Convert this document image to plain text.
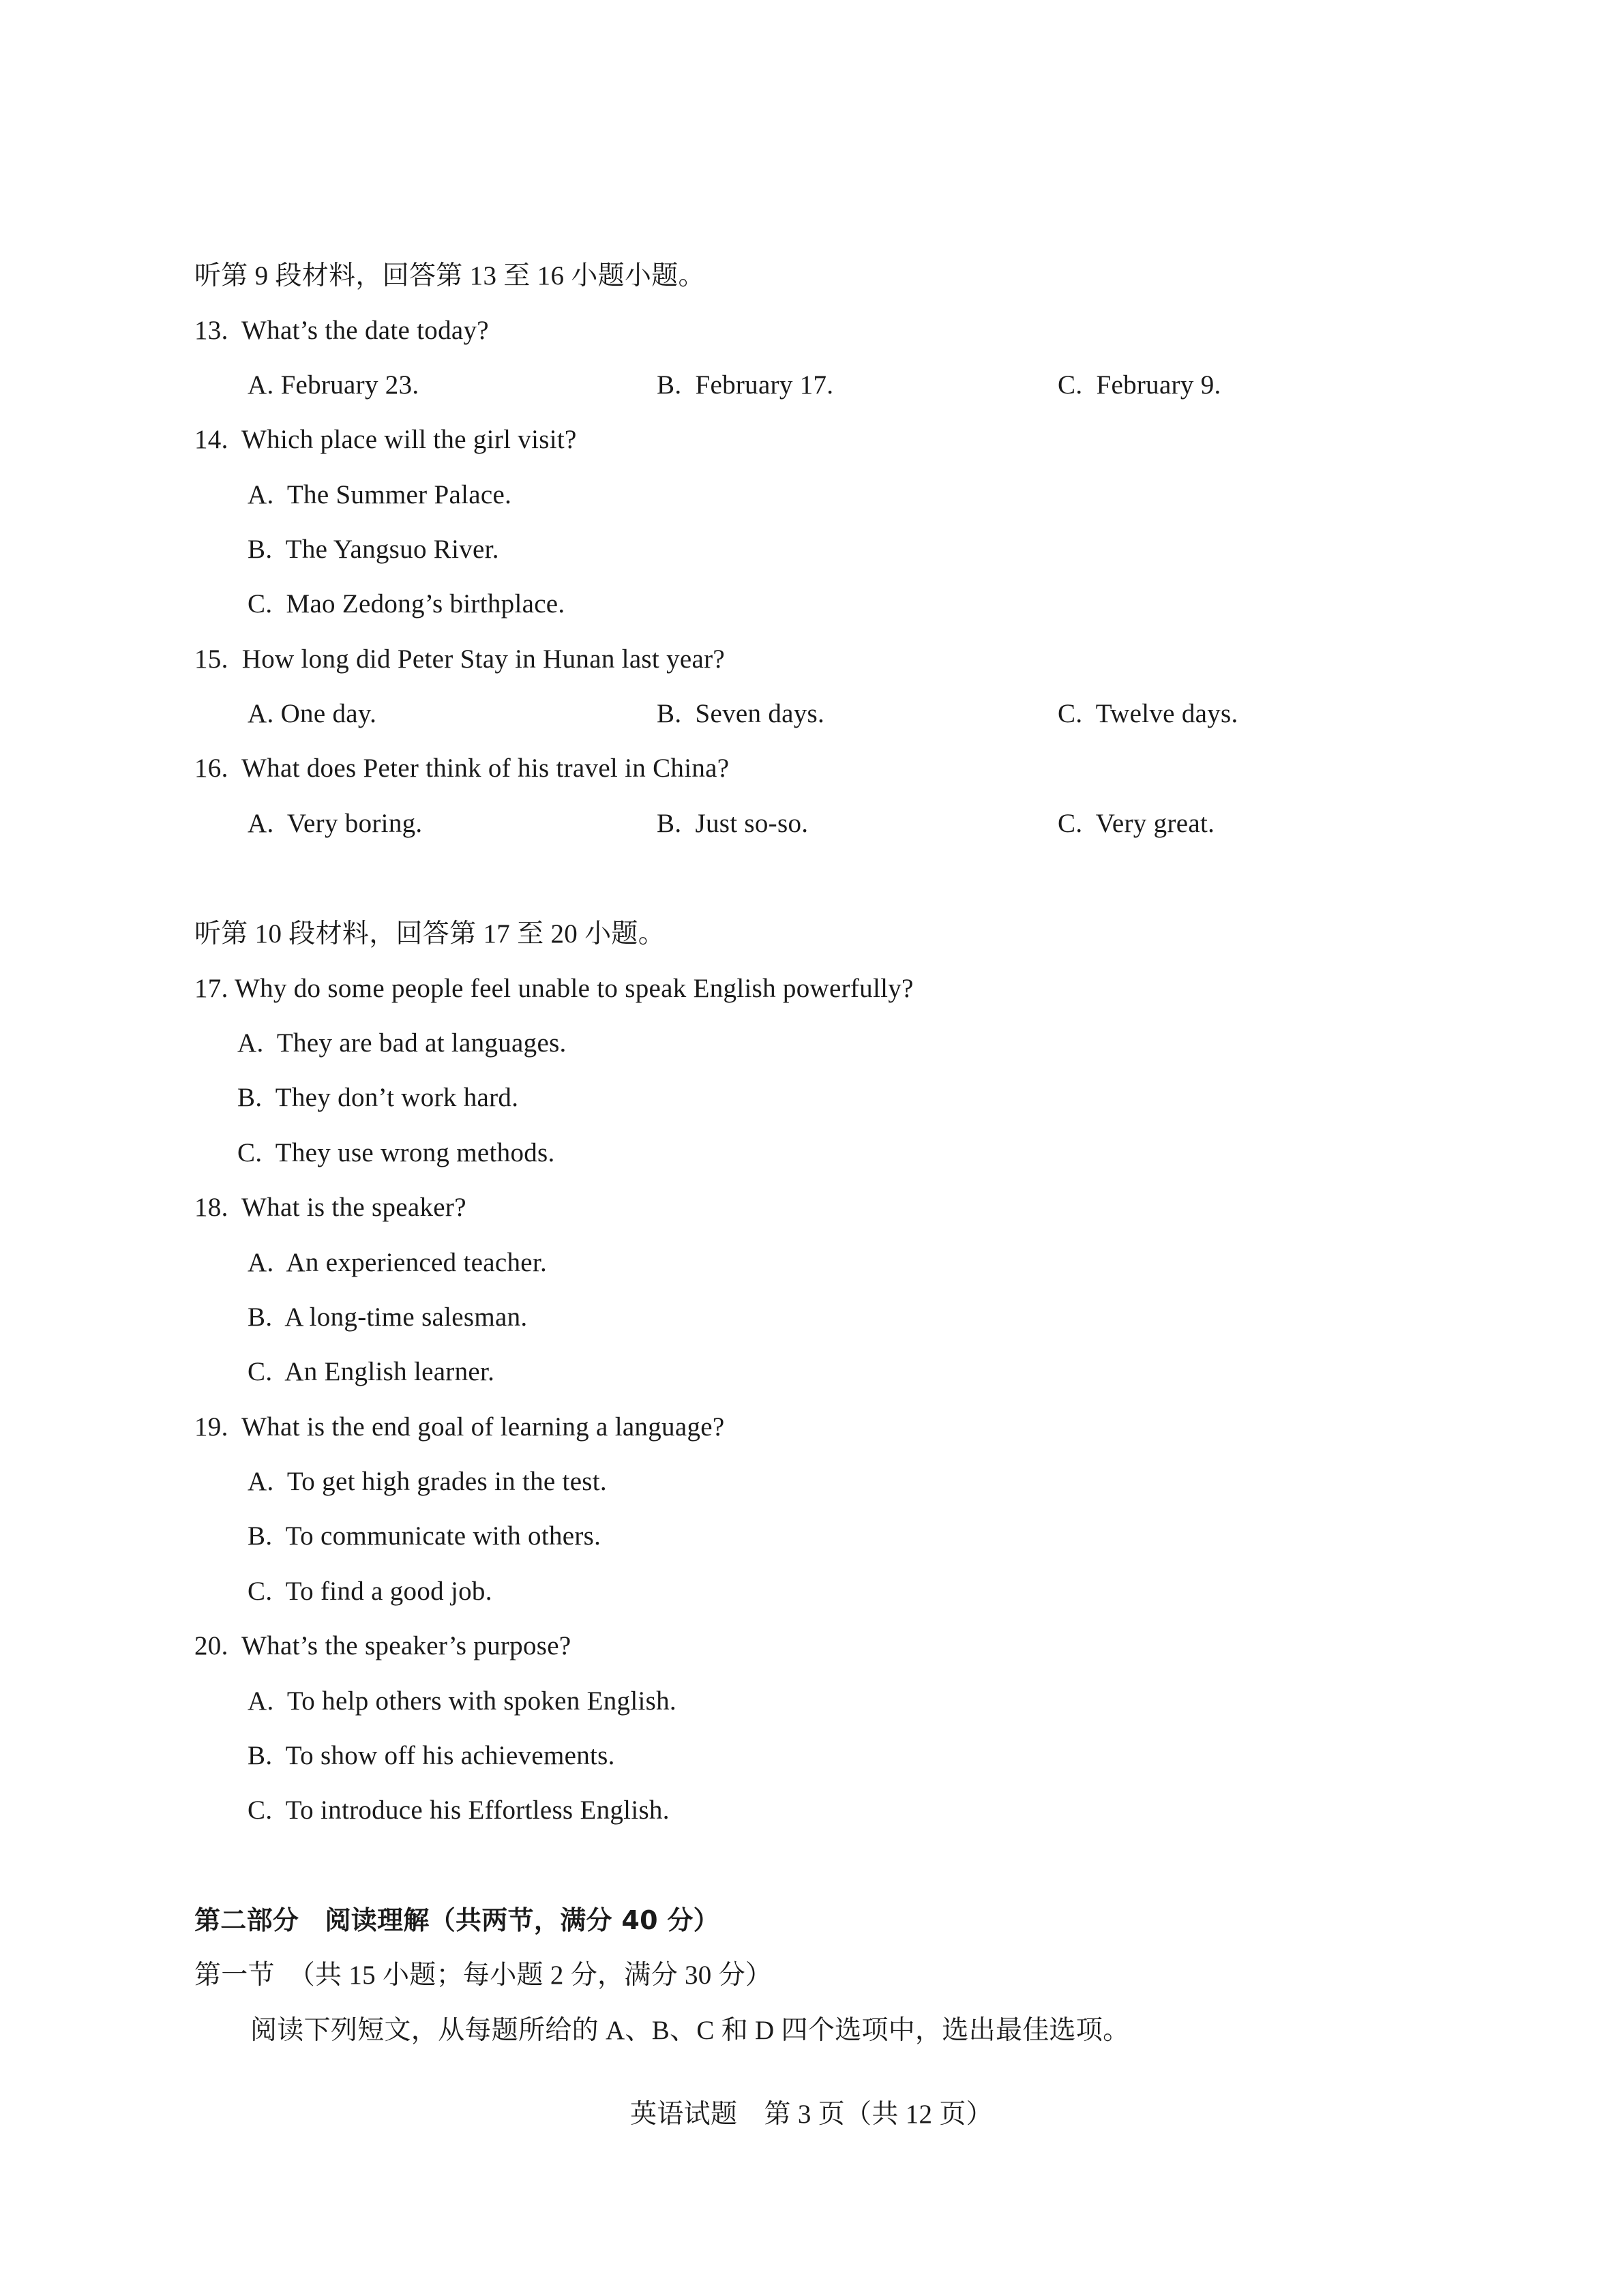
听第 9 段材料，回答第 13 至 16 小题小题。
13.  What’s the date today?
A. February 23.	B.  February 17.	C.  February 9.
14.  Which place will the girl visit?
A.  The Summer Palace.
B.  The Yangsuo River.
C.  Mao Zedong’s birthplace.
15.  How long did Peter Stay in Hunan last year?
A. One day.	B.  Seven days.	C.  Twelve days.
16.  What does Peter think of his travel in China?
A.  Very boring.	B.  Just so-so.	C.  Very great.
听第 10 段材料，回答第 17 至 20 小题。
17. Why do some people feel unable to speak English powerfully?
A.  They are bad at languages.
B.  They don’t work hard.
C.  They use wrong methods.
18.  What is the speaker?
A.  An experienced teacher.
B.  A long-time salesman.
C.  An English learner.
19.  What is the end goal of learning a language?
A.  To get high grades in the test.
B.  To communicate with others.
C.  To find a good job.
20.  What’s the speaker’s purpose?
A.  To help others with spoken English.
B.  To show off his achievements.
C.  To introduce his Effortless English.
第二部分　阅读理解（共两节，满分 40 分）
第一节　（共 15 小题；每小题 2 分，满分 30 分）
阅读下列短文，从每题所给的 A、B、C 和 D 四个选项中，选出最佳选项。
英语试题　第 3 页（共 12 页）
